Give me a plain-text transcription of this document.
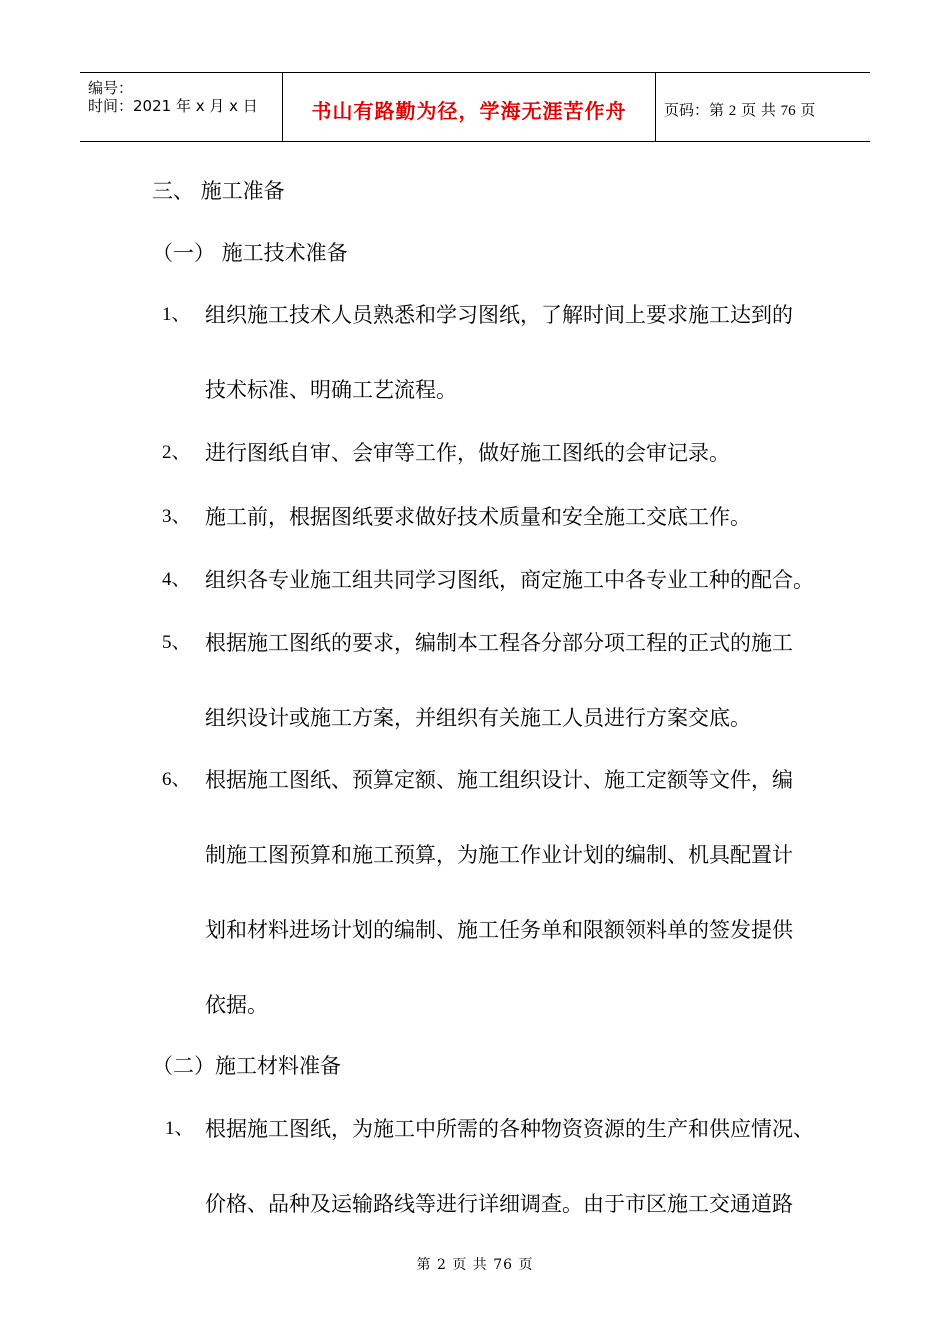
编号：
时间：2021 年 x 月 x 日	书山有路勤为径，学海无涯苦作舟	页码：第 2 页 共 76 页
三、 施工准备
（一） 施工技术准备
1、 组织施工技术人员熟悉和学习图纸，了解时间上要求施工达到的
技术标准、明确工艺流程。
2、 进行图纸自审、会审等工作，做好施工图纸的会审记录。
3、 施工前，根据图纸要求做好技术质量和安全施工交底工作。
4、 组织各专业施工组共同学习图纸，商定施工中各专业工种的配合。
5、 根据施工图纸的要求，编制本工程各分部分项工程的正式的施工
组织设计或施工方案，并组织有关施工人员进行方案交底。
6、 根据施工图纸、预算定额、施工组织设计、施工定额等文件，编
制施工图预算和施工预算，为施工作业计划的编制、机具配置计
划和材料进场计划的编制、施工任务单和限额领料单的签发提供
依据。
（二）施工材料准备
1、 根据施工图纸，为施工中所需的各种物资资源的生产和供应情况、
价格、品种及运输路线等进行详细调查。由于市区施工交通道路
第 2 页 共 76 页
